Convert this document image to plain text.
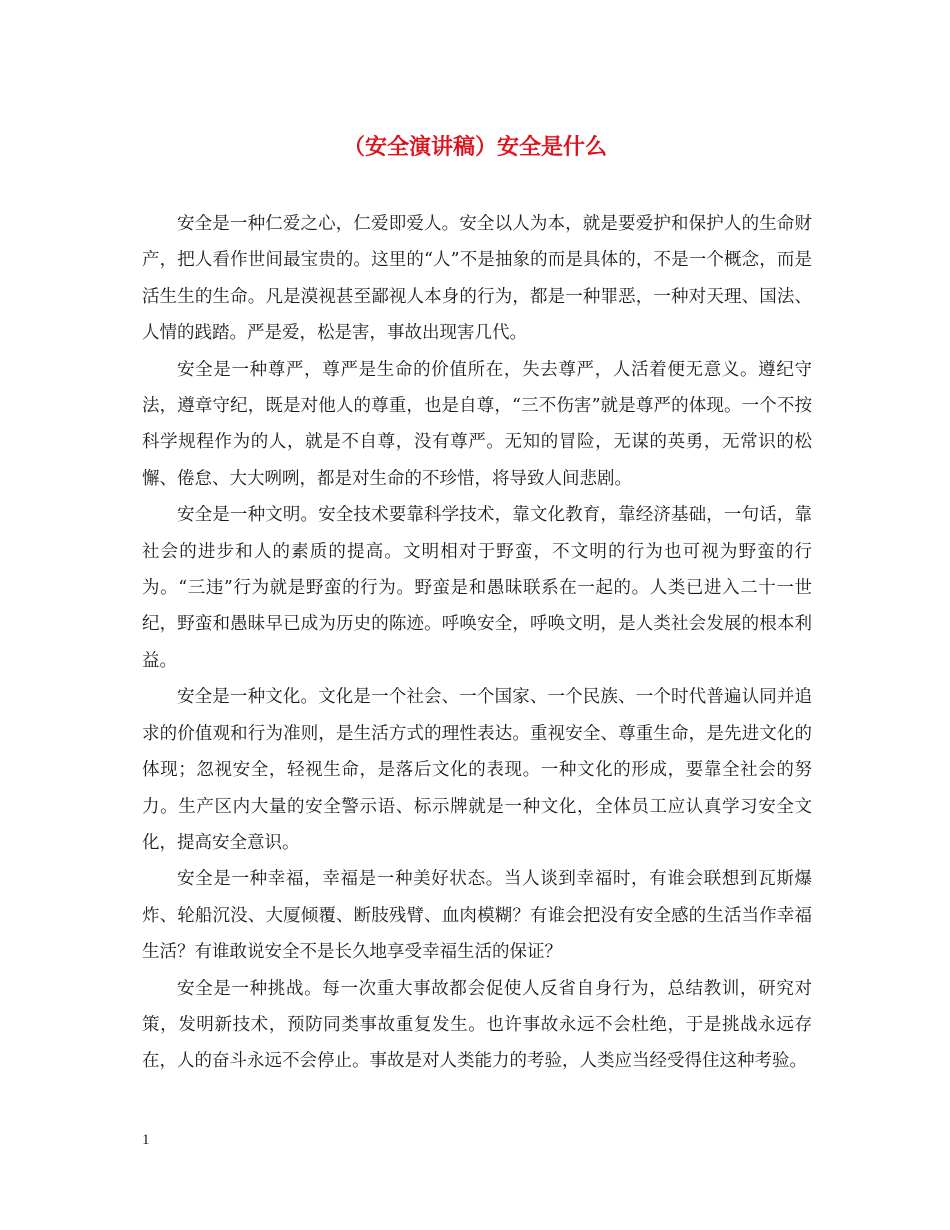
（安全演讲稿）安全是什么

安全是一种仁爱之心，仁爱即爱人。安全以人为本，就是要爱护和保护人的生命财产，把人看作世间最宝贵的。这里的“人”不是抽象的而是具体的，不是一个概念，而是活生生的生命。凡是漠视甚至鄙视人本身的行为，都是一种罪恶，一种对天理、国法、人情的践踏。严是爱，松是害，事故出现害几代。

安全是一种尊严，尊严是生命的价值所在，失去尊严，人活着便无意义。遵纪守法，遵章守纪，既是对他人的尊重，也是自尊，“三不伤害”就是尊严的体现。一个不按科学规程作为的人，就是不自尊，没有尊严。无知的冒险，无谋的英勇，无常识的松懈、倦怠、大大咧咧，都是对生命的不珍惜，将导致人间悲剧。

安全是一种文明。安全技术要靠科学技术，靠文化教育，靠经济基础，一句话，靠社会的进步和人的素质的提高。文明相对于野蛮，不文明的行为也可视为野蛮的行为。“三违”行为就是野蛮的行为。野蛮是和愚昧联系在一起的。人类已进入二十一世纪，野蛮和愚昧早已成为历史的陈迹。呼唤安全，呼唤文明，是人类社会发展的根本利益。

安全是一种文化。文化是一个社会、一个国家、一个民族、一个时代普遍认同并追求的价值观和行为准则，是生活方式的理性表达。重视安全、尊重生命，是先进文化的体现；忽视安全，轻视生命，是落后文化的表现。一种文化的形成，要靠全社会的努力。生产区内大量的安全警示语、标示牌就是一种文化，全体员工应认真学习安全文化，提高安全意识。

安全是一种幸福，幸福是一种美好状态。当人谈到幸福时，有谁会联想到瓦斯爆炸、轮船沉没、大厦倾覆、断肢残臂、血肉模糊？有谁会把没有安全感的生活当作幸福生活？有谁敢说安全不是长久地享受幸福生活的保证？

安全是一种挑战。每一次重大事故都会促使人反省自身行为，总结教训，研究对策，发明新技术，预防同类事故重复发生。也许事故永远不会杜绝，于是挑战永远存在，人的奋斗永远不会停止。事故是对人类能力的考验，人类应当经受得住这种考验。

1
